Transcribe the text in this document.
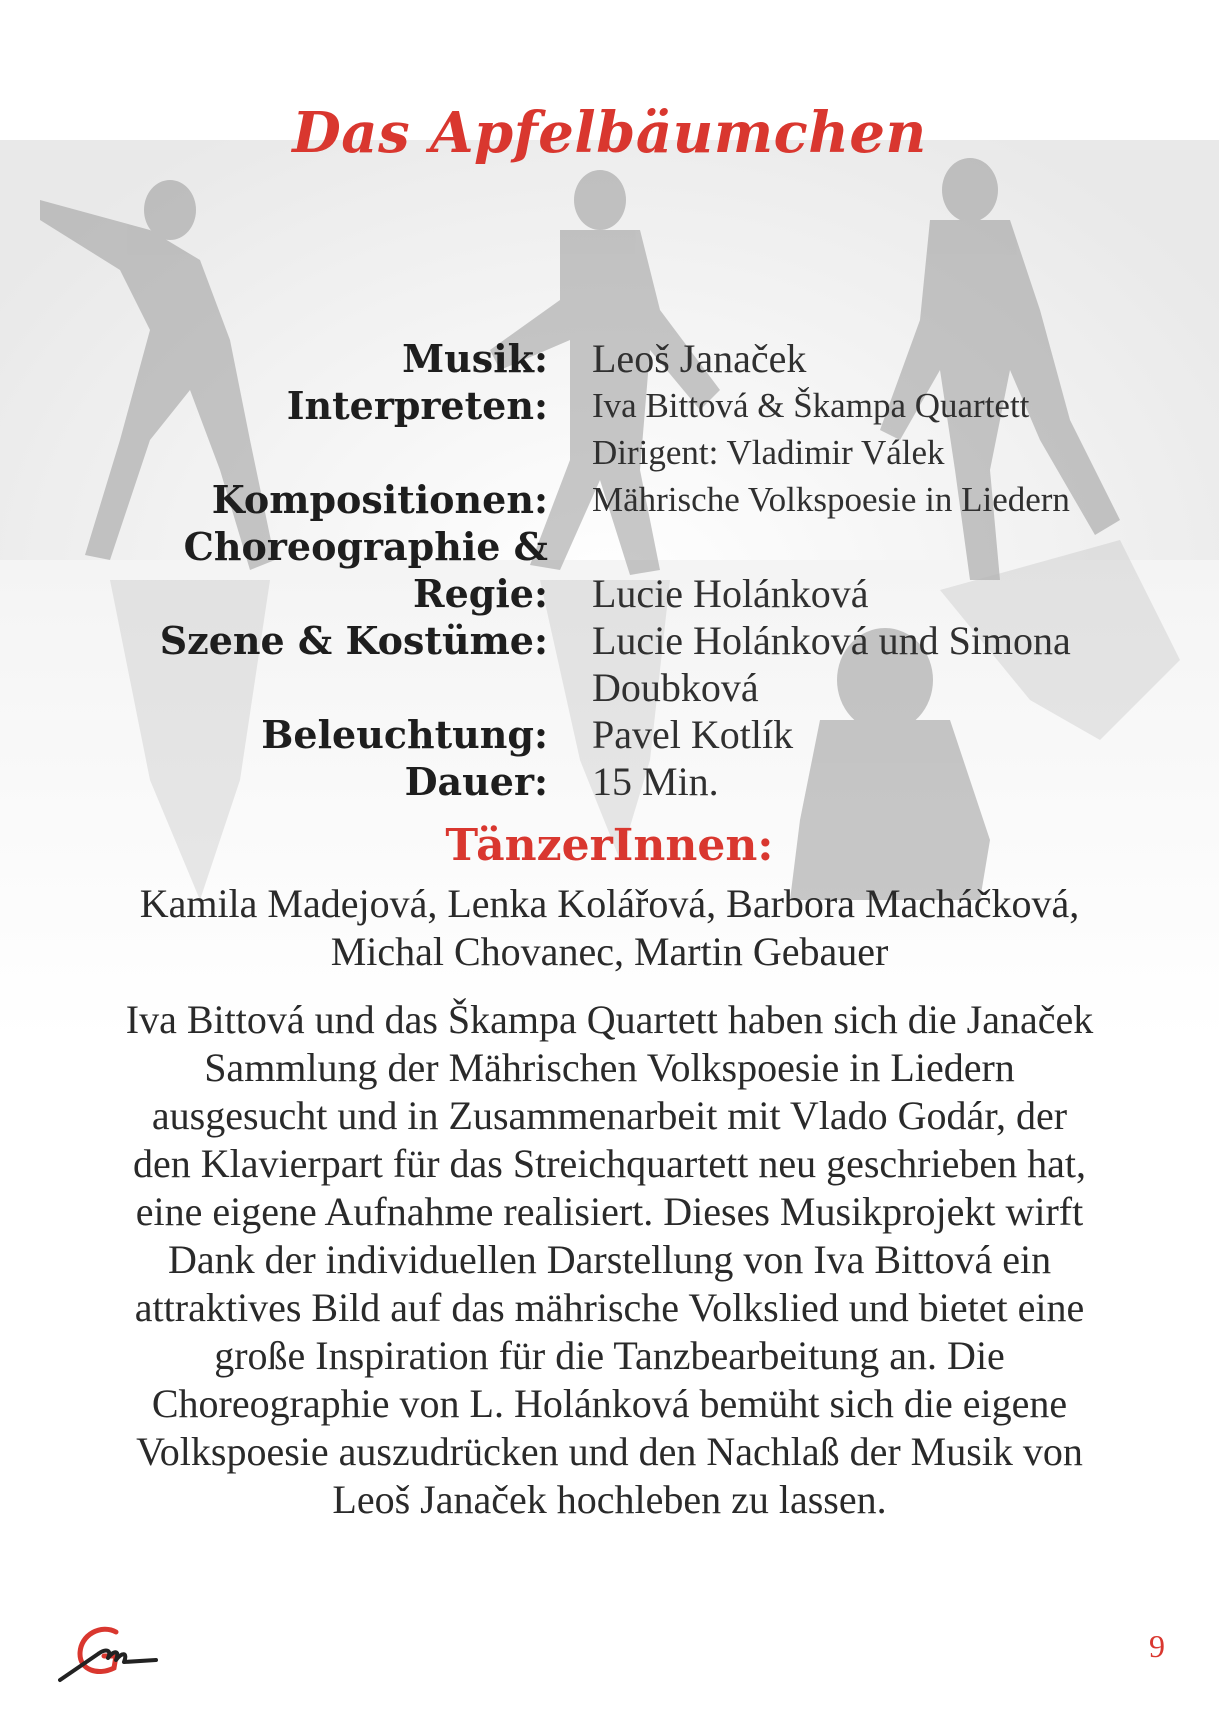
Das Apfelbäumchen
Musik:	Leoš Janaček
Interpreten:	Iva Bittová & Škampa Quartett
Dirigent: Vladimir Válek
Kompositionen:	Mährische Volkspoesie in Liedern
Choreographie &
Regie:	Lucie Holánková
Szene & Kostüme:	Lucie Holánková und Simona
Doubková
Beleuchtung:	Pavel Kotlík
Dauer:	15 Min.
TänzerInnen:
Kamila Madejová, Lenka Kolářová, Barbora Macháčková,
Michal Chovanec, Martin Gebauer
Iva Bittová und das Škampa Quartett haben sich die Janaček
Sammlung der Mährischen Volkspoesie in Liedern
ausgesucht und in Zusammenarbeit mit Vlado Godár, der
den Klavierpart für das Streichquartett neu geschrieben hat,
eine eigene Aufnahme realisiert. Dieses Musikprojekt wirft
Dank der individuellen Darstellung von Iva Bittová ein
attraktives Bild auf das mährische Volkslied und bietet eine
große Inspiration für die Tanzbearbeitung an. Die
Choreographie von L. Holánková bemüht sich die eigene
Volkspoesie auszudrücken und den Nachlaß der Musik von
Leoš Janaček hochleben zu lassen.
9
